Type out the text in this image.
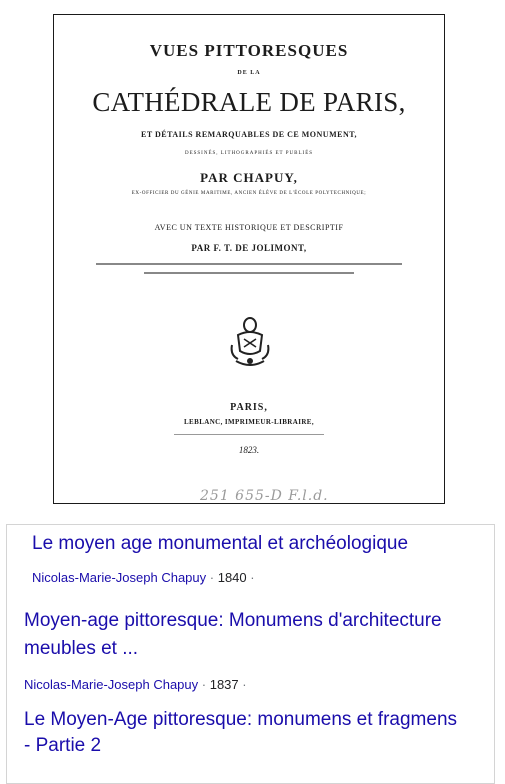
VUES PITTORESQUES
DE LA
CATHÉDRALE DE PARIS,
ET DÉTAILS REMARQUABLES DE CE MONUMENT,
DESSINÉS, LITHOGRAPHIÉS ET PUBLIÉS
PAR CHAPUY,
EX-OFFICIER DU GÉNIE MARITIME, ANCIEN ÉLÈVE DE L'ÉCOLE POLYTECHNIQUE;
AVEC UN TEXTE HISTORIQUE ET DESCRIPTIF
PAR F. T. DE JOLIMONT,
PARIS,
LEBLANC, IMPRIMEUR-LIBRAIRE,
1823.
251 655-D F.l.d.
Le moyen age monumental et archéologique
Nicolas-Marie-Joseph Chapuy · 1840 ·
Moyen-age pittoresque: Monumens d'architecture
meubles et ...
Nicolas-Marie-Joseph Chapuy · 1837 ·
Le Moyen-Age pittoresque: monumens et fragmens
- Partie 2
